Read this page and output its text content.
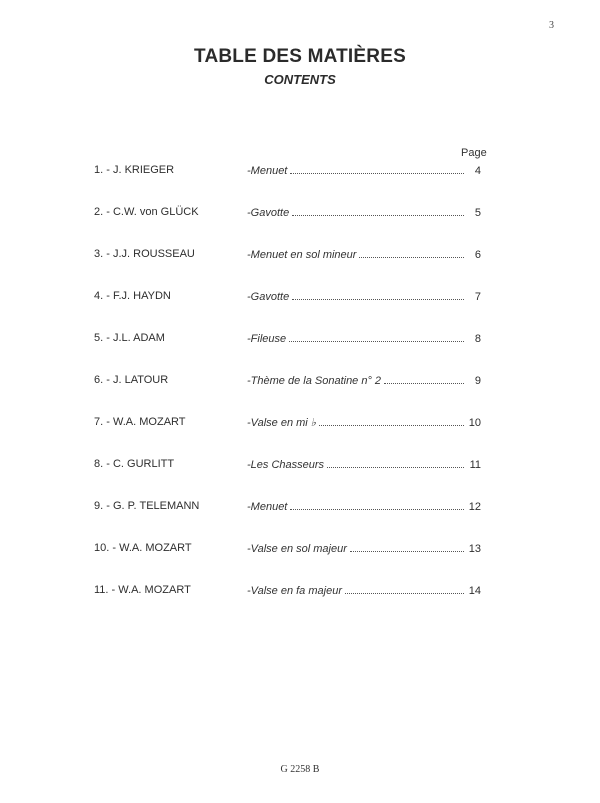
3
TABLE DES MATIÈRES
CONTENTS
Page
1. - J. KRIEGER	- Menuet	4
2. - C.W. von GLÜCK	- Gavotte	5
3. - J.J. ROUSSEAU	- Menuet en sol mineur	6
4. - F.J. HAYDN	- Gavotte	7
5. - J.L. ADAM	- Fileuse	8
6. - J. LATOUR	- Thème de la Sonatine n° 2	9
7. - W.A. MOZART	- Valse en mi ♭	10
8. - C. GURLITT	- Les Chasseurs	11
9. - G. P. TELEMANN	- Menuet	12
10. - W.A. MOZART	- Valse en sol majeur	13
11. - W.A. MOZART	- Valse en fa majeur	14
G 2258 B
